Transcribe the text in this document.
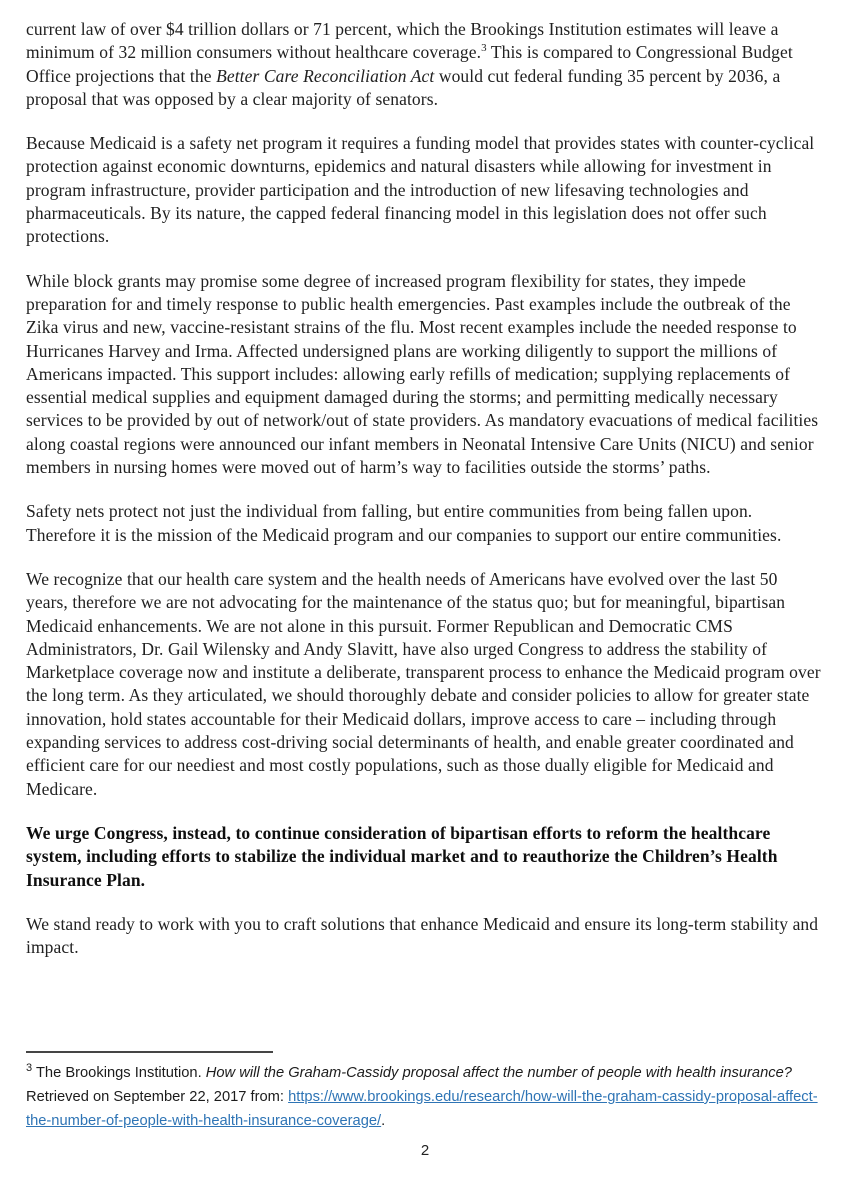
current law of over $4 trillion dollars or 71 percent, which the Brookings Institution estimates will leave a minimum of 32 million consumers without healthcare coverage.$^3$ This is compared to Congressional Budget Office projections that the Better Care Reconciliation Act would cut federal funding 35 percent by 2036, a proposal that was opposed by a clear majority of senators.

Because Medicaid is a safety net program it requires a funding model that provides states with counter-cyclical protection against economic downturns, epidemics and natural disasters while allowing for investment in program infrastructure, provider participation and the introduction of new lifesaving technologies and pharmaceuticals. By its nature, the capped federal financing model in this legislation does not offer such protections.

While block grants may promise some degree of increased program flexibility for states, they impede preparation for and timely response to public health emergencies. Past examples include the outbreak of the Zika virus and new, vaccine-resistant strains of the flu. Most recent examples include the needed response to Hurricanes Harvey and Irma. Affected undersigned plans are working diligently to support the millions of Americans impacted. This support includes: allowing early refills of medication; supplying replacements of essential medical supplies and equipment damaged during the storms; and permitting medically necessary services to be provided by out of network/out of state providers. As mandatory evacuations of medical facilities along coastal regions were announced our infant members in Neonatal Intensive Care Units (NICU) and senior members in nursing homes were moved out of harm’s way to facilities outside the storms’ paths.

Safety nets protect not just the individual from falling, but entire communities from being fallen upon. Therefore it is the mission of the Medicaid program and our companies to support our entire communities.

We recognize that our health care system and the health needs of Americans have evolved over the last 50 years, therefore we are not advocating for the maintenance of the status quo; but for meaningful, bipartisan Medicaid enhancements. We are not alone in this pursuit. Former Republican and Democratic CMS Administrators, Dr. Gail Wilensky and Andy Slavitt, have also urged Congress to address the stability of Marketplace coverage now and institute a deliberate, transparent process to enhance the Medicaid program over the long term. As they articulated, we should thoroughly debate and consider policies to allow for greater state innovation, hold states accountable for their Medicaid dollars, improve access to care – including through expanding services to address cost-driving social determinants of health, and enable greater coordinated and efficient care for our neediest and most costly populations, such as those dually eligible for Medicaid and Medicare.

We urge Congress, instead, to continue consideration of bipartisan efforts to reform the healthcare system, including efforts to stabilize the individual market and to reauthorize the Children’s Health Insurance Plan.

We stand ready to work with you to craft solutions that enhance Medicaid and ensure its long-term stability and impact.

$^3$ The Brookings Institution. How will the Graham-Cassidy proposal affect the number of people with health insurance? Retrieved on September 22, 2017 from: https://www.brookings.edu/research/how-will-the-graham-cassidy-proposal-affect-the-number-of-people-with-health-insurance-coverage/.

2
